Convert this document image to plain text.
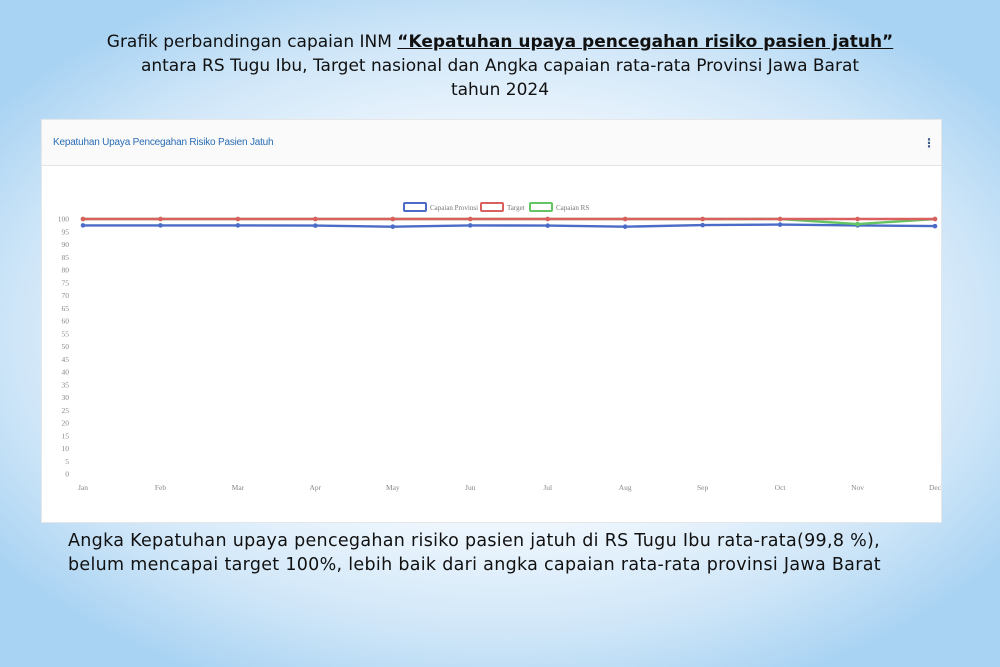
Grafik perbandingan capaian INM “Kepatuhan upaya pencegahan risiko pasien jatuh”
antara RS Tugu Ibu, Target nasional dan Angka capaian rata-rata Provinsi Jawa Barat
tahun 2024
Kepatuhan Upaya Pencegahan Risiko Pasien Jatuh	⋮
0
5
10
15
20
25
30
35
40
45
50
55
60
65
70
75
80
85
90
95
100
Jan	Feb	Mar	Apr	May	Jun	Jul	Aug	Sep	Oct	Nov	Dec
Capaian Provinsi	Target	Capaian RS
Angka Kepatuhan upaya pencegahan risiko pasien jatuh di RS Tugu Ibu rata-rata(99,8 %), belum mencapai target 100%, lebih baik dari angka capaian rata-rata provinsi Jawa Barat
